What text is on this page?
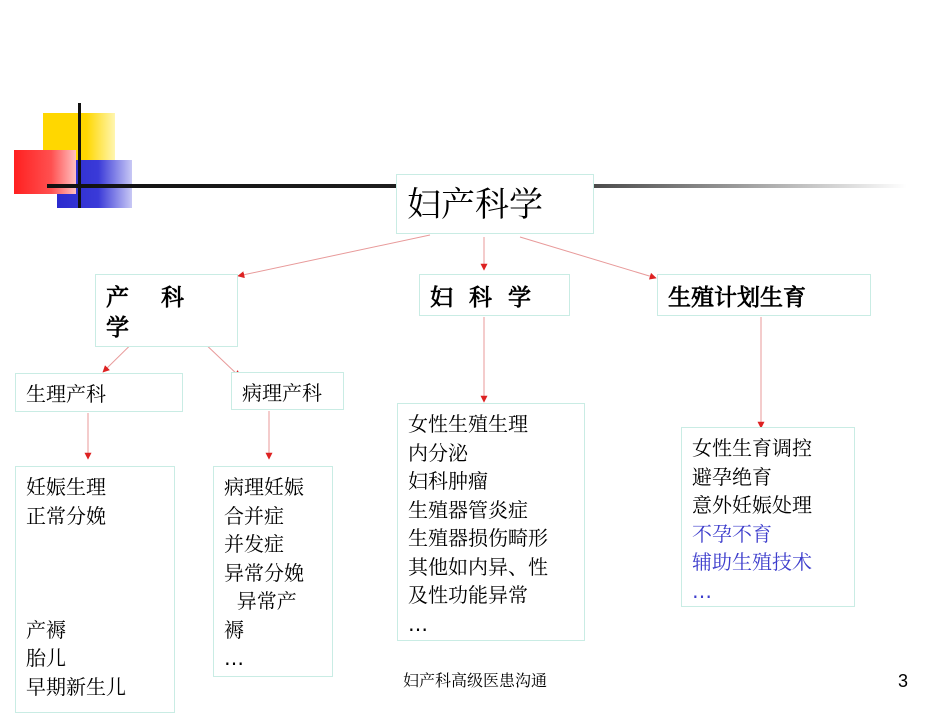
妇产科学
产    科
学
妇  科  学	生殖计划生育
生理产科	病理产科
妊娠生理
正常分娩

产褥
胎儿
早期新生儿
病理妊娠
合并症
并发症
异常分娩
异常产
褥
…
女性生殖生理
内分泌
妇科肿瘤
生殖器管炎症
生殖器损伤畸形
其他如内异、性
及性功能异常
…
女性生育调控
避孕绝育
意外妊娠处理
不孕不育
辅助生殖技术
…
妇产科高级医患沟通	3
